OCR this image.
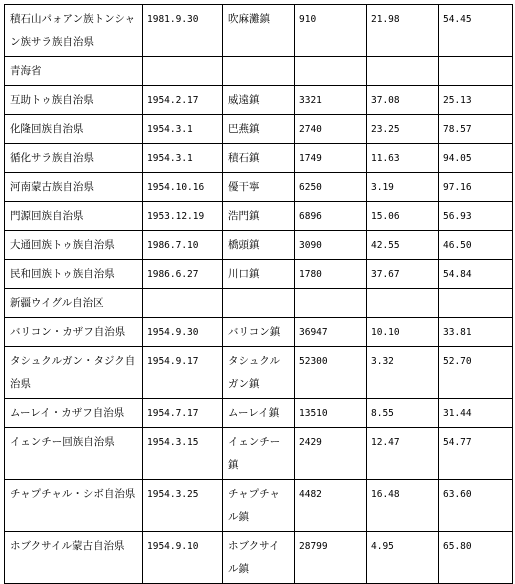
積石山パォアン族トンシャン族サラ族自治県	1981.9.30	吹麻灘鎮	910	21.98	54.45
青海省					
互助トゥ族自治県	1954.2.17	威遠鎮	3321	37.08	25.13
化隆回族自治県	1954.3.1	巴燕鎮	2740	23.25	78.57
循化サラ族自治県	1954.3.1	積石鎮	1749	11.63	94.05
河南蒙古族自治県	1954.10.16	優干寧	6250	3.19	97.16
門源回族自治県	1953.12.19	浩門鎮	6896	15.06	56.93
大通回族トゥ族自治県	1986.7.10	橋頭鎮	3090	42.55	46.50
民和回族トゥ族自治県	1986.6.27	川口鎮	1780	37.67	54.84
新疆ウイグル自治区					
バリコン・カザフ自治県	1954.9.30	バリコン鎮	36947	10.10	33.81
タシュクルガン・タジク自治県	1954.9.17	タシュクルガン鎮	52300	3.32	52.70
ムーレイ・カザフ自治県	1954.7.17	ムーレイ鎮	13510	8.55	31.44
イェンチー回族自治県	1954.3.15	イェンチー鎮	2429	12.47	54.77
チャプチャル・シボ自治県	1954.3.25	チャプチャル鎮	4482	16.48	63.60
ホブクサイル蒙古自治県	1954.9.10	ホブクサイル鎮	28799	4.95	65.80
